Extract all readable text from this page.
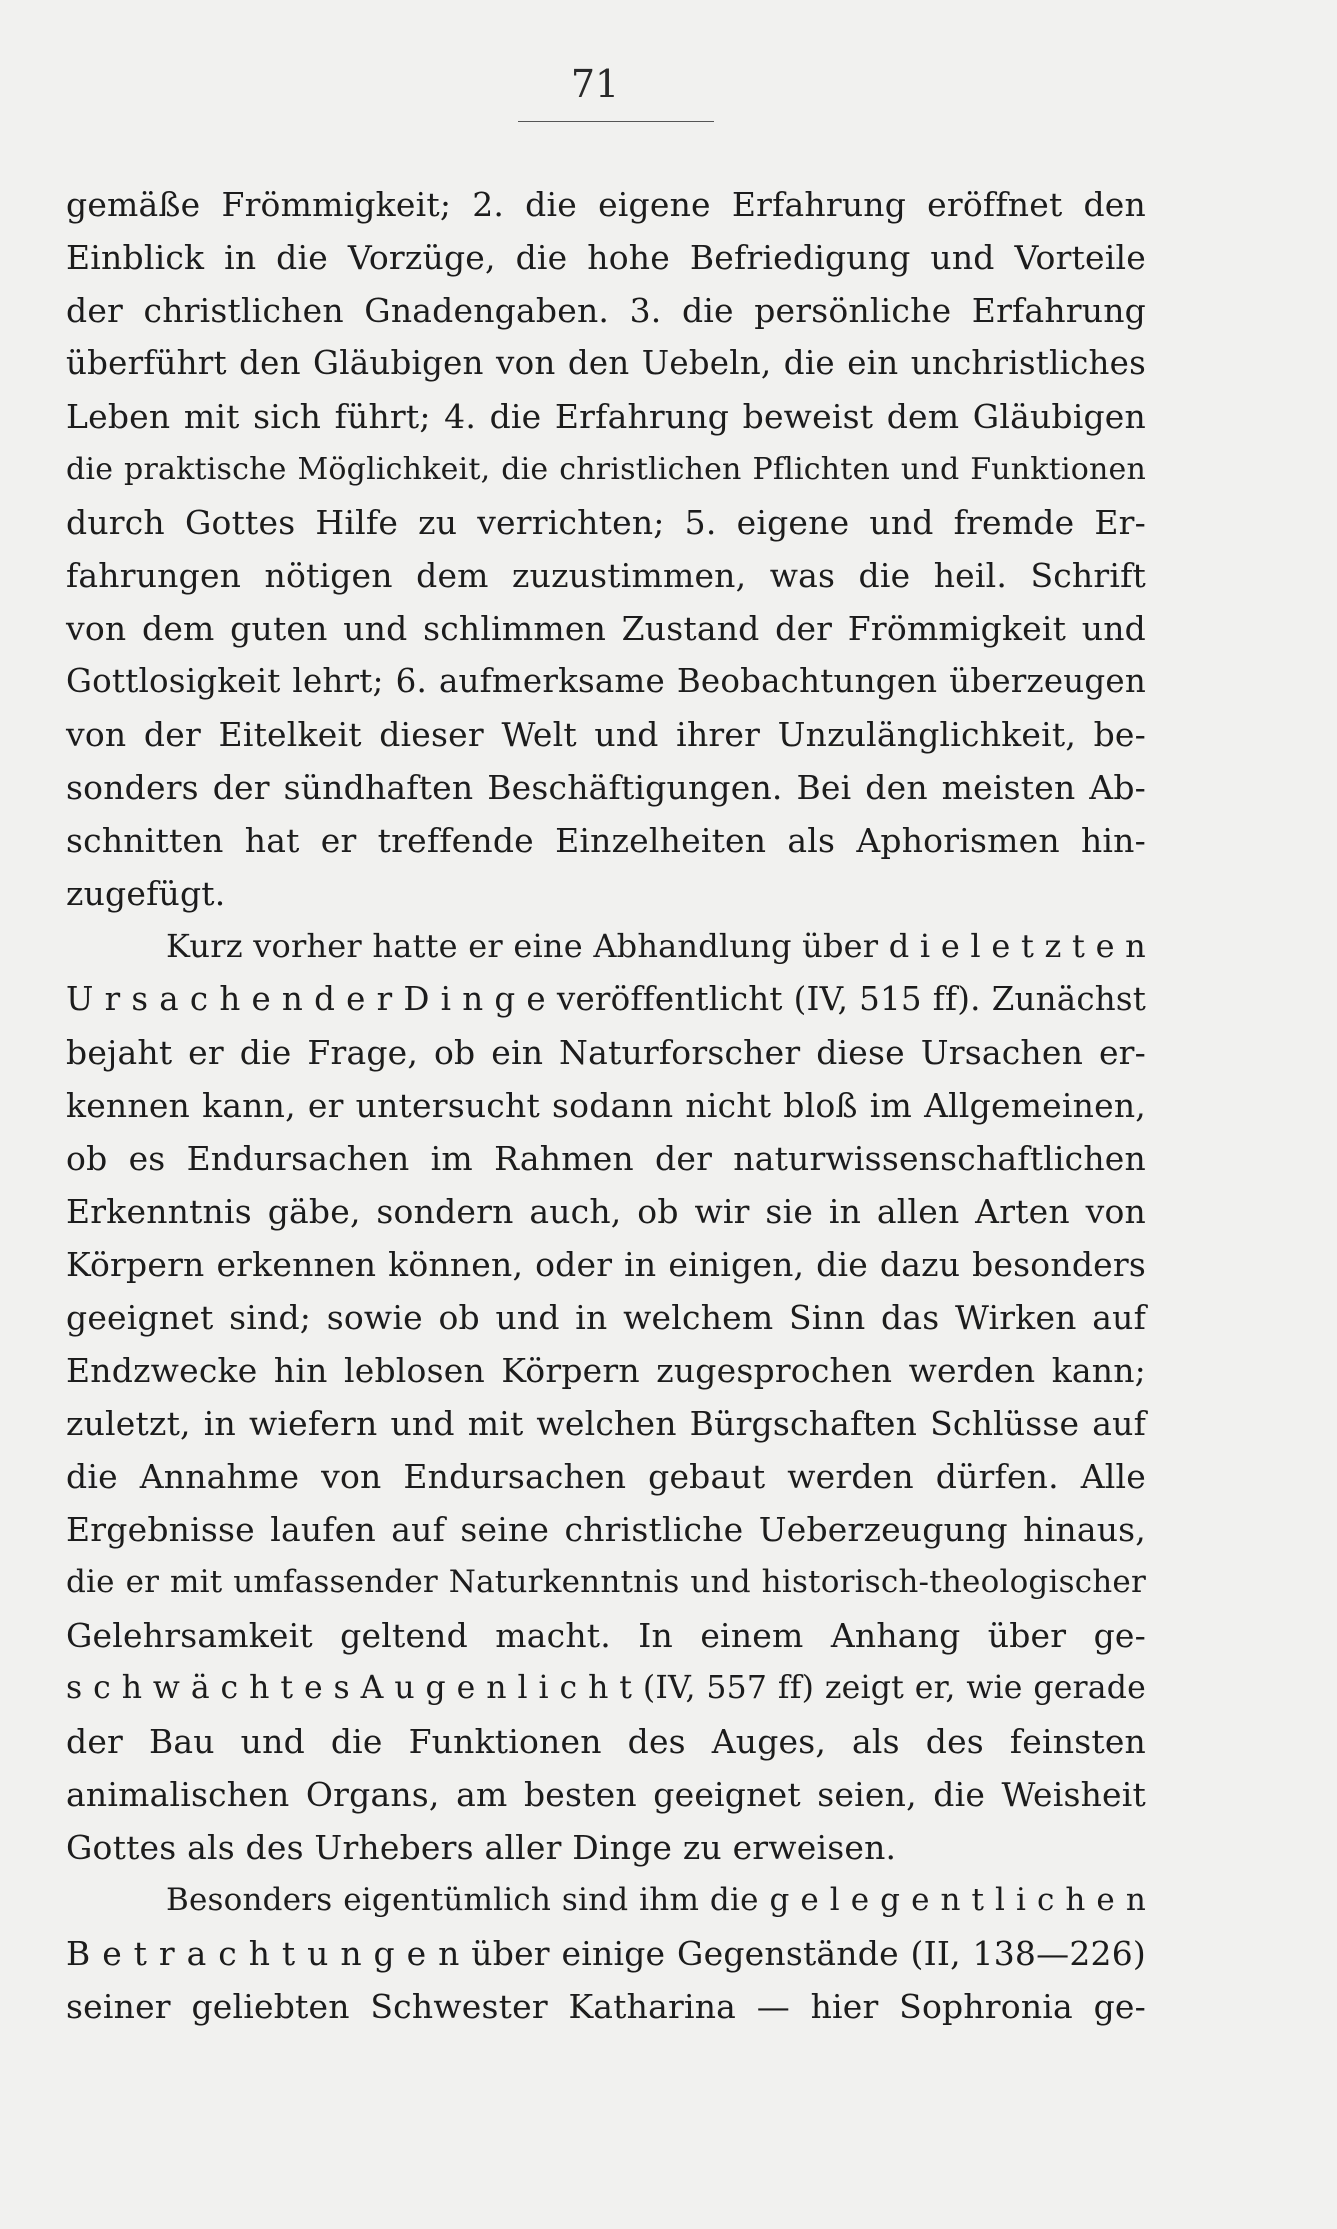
71
gemäße Frömmigkeit; 2. die eigene Erfahrung eröffnet den
Einblick in die Vorzüge, die hohe Befriedigung und Vorteile
der christlichen Gnadengaben. 3. die persönliche Erfahrung
überführt den Gläubigen von den Uebeln, die ein unchristliches
Leben mit sich führt; 4. die Erfahrung beweist dem Gläubigen
die praktische Möglichkeit, die christlichen Pflichten und Funktionen
durch Gottes Hilfe zu verrichten; 5. eigene und fremde Er-
fahrungen nötigen dem zuzustimmen, was die heil. Schrift
von dem guten und schlimmen Zustand der Frömmigkeit und
Gottlosigkeit lehrt; 6. aufmerksame Beobachtungen überzeugen
von der Eitelkeit dieser Welt und ihrer Unzulänglichkeit, be-
sonders der sündhaften Beschäftigungen. Bei den meisten Ab-
schnitten hat er treffende Einzelheiten als Aphorismen hin-
zugefügt.
Kurz vorher hatte er eine Abhandlung über d i e l e t z t e n
U r s a c h e n d e r D i n g e veröffentlicht (IV, 515 ff). Zunächst
bejaht er die Frage, ob ein Naturforscher diese Ursachen er-
kennen kann, er untersucht sodann nicht bloß im Allgemeinen,
ob es Endursachen im Rahmen der naturwissenschaftlichen
Erkenntnis gäbe, sondern auch, ob wir sie in allen Arten von
Körpern erkennen können, oder in einigen, die dazu besonders
geeignet sind; sowie ob und in welchem Sinn das Wirken auf
Endzwecke hin leblosen Körpern zugesprochen werden kann;
zuletzt, in wiefern und mit welchen Bürgschaften Schlüsse auf
die Annahme von Endursachen gebaut werden dürfen. Alle
Ergebnisse laufen auf seine christliche Ueberzeugung hinaus,
die er mit umfassender Naturkenntnis und historisch-theologischer
Gelehrsamkeit geltend macht. In einem Anhang über ge-
s c h w ä c h t e s A u g e n l i c h t (IV, 557 ff) zeigt er, wie gerade
der Bau und die Funktionen des Auges, als des feinsten
animalischen Organs, am besten geeignet seien, die Weisheit
Gottes als des Urhebers aller Dinge zu erweisen.
Besonders eigentümlich sind ihm die g e l e g e n t l i c h e n
B e t r a c h t u n g e n über einige Gegenstände (II, 138—226)
seiner geliebten Schwester Katharina — hier Sophronia ge-
